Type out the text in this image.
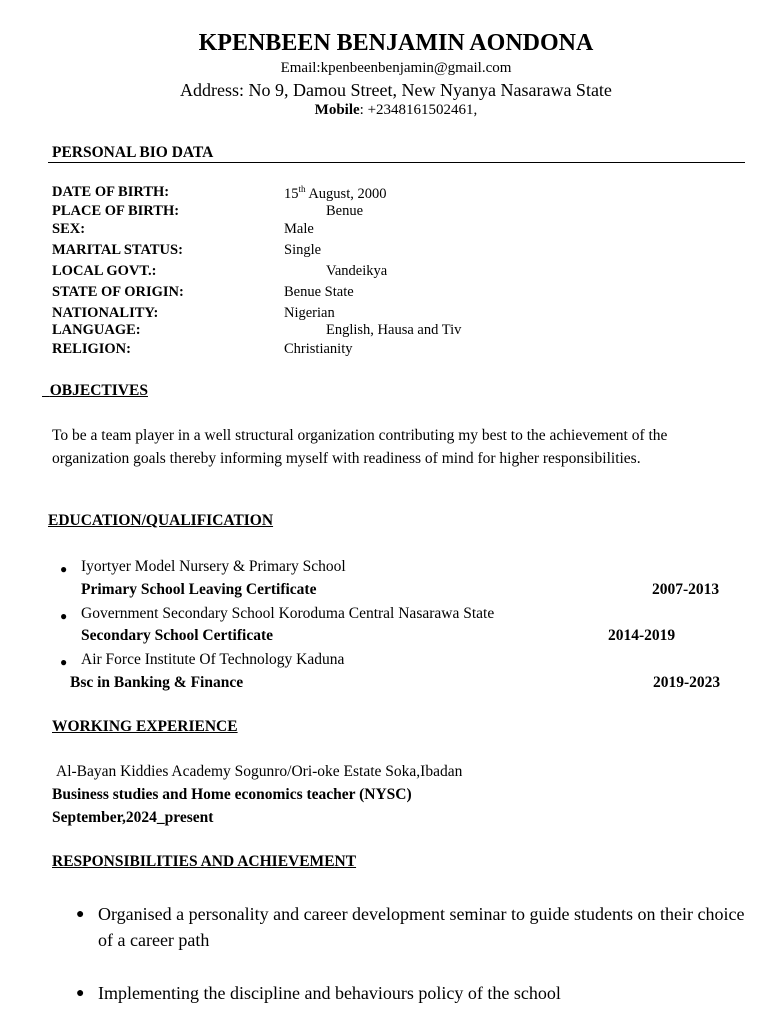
KPENBEEN BENJAMIN AONDONA
Email:kpenbeenbenjamin@gmail.com
Address: No 9, Damou Street, New Nyanya Nasarawa State
Mobile: +2348161502461,
PERSONAL BIO DATA
DATE OF BIRTH:	15th August, 2000
PLACE OF BIRTH:	Benue
SEX:	Male
MARITAL STATUS:	Single
LOCAL GOVT.:	Vandeikya
STATE OF ORIGIN:	Benue State
NATIONALITY:	Nigerian
LANGUAGE:	English, Hausa and Tiv
RELIGION:	Christianity
OBJECTIVES
To be a team player in a well structural organization contributing my best to the achievement of the organization goals thereby informing myself with readiness of mind for higher responsibilities.
EDUCATION/QUALIFICATION
● Iyortyer Model Nursery & Primary School
Primary School Leaving Certificate	2007-2013
● Government Secondary School Koroduma Central Nasarawa State
Secondary School Certificate	2014-2019
● Air Force Institute Of Technology Kaduna
Bsc in Banking & Finance	2019-2023
WORKING EXPERIENCE
Al-Bayan Kiddies Academy Sogunro/Ori-oke Estate Soka,Ibadan
Business studies and Home economics teacher (NYSC)
September,2024_present
RESPONSIBILITIES AND ACHIEVEMENT
● Organised a personality and career development seminar to guide students on their choice of a career path
● Implementing the discipline and behaviours policy of the school
